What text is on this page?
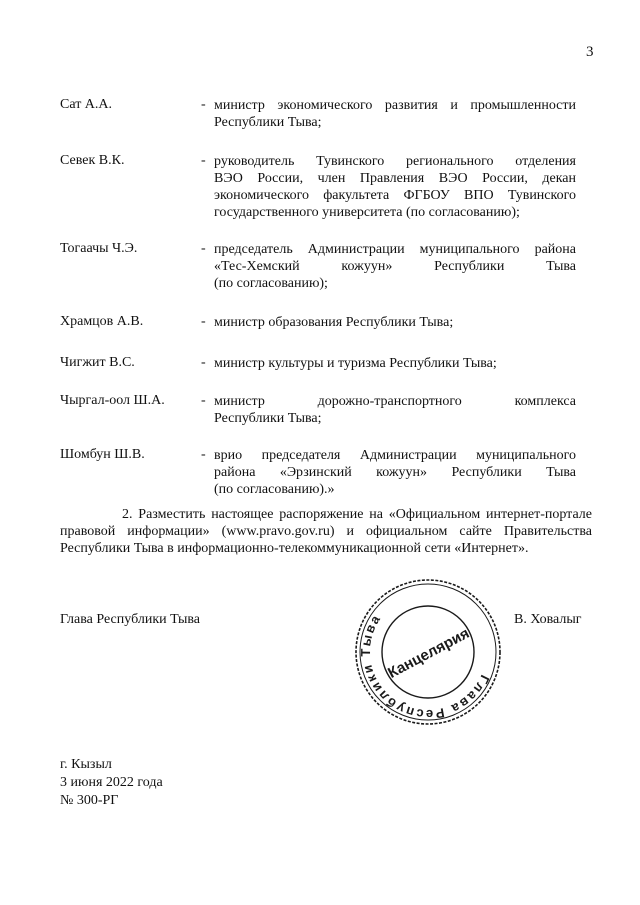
3
Сат А.А.	- министр экономического развития и промышленности
Республики Тыва;
Севек В.К.	- руководитель Тувинского регионального отделения
ВЭО России, член Правления ВЭО России, декан
экономического факультета ФГБОУ ВПО Тувинского
государственного университета (по согласованию);
Тогаачы Ч.Э.	- председатель Администрации муниципального района
«Тес-Хемский кожуун» Республики Тыва
(по согласованию);
Храмцов А.В.	- министр образования Республики Тыва;
Чигжит В.С.	- министр культуры и туризма Республики Тыва;
Чыргал-оол Ш.А.	- министр дорожно-транспортного комплекса
Республики Тыва;
Шомбун Ш.В.	- врио председателя Администрации муниципального
района «Эрзинский кожуун» Республики Тыва
(по согласованию).»
2. Разместить настоящее распоряжение на «Официальном интернет-портале
правовой информации» (www.pravo.gov.ru) и официальном сайте Правительства
Республики Тыва в информационно-телекоммуникационной сети «Интернет».
Глава Республики Тыва	В. Ховалыг
Глава Республики Тыва
Канцелярия
г. Кызыл
3 июня 2022 года
№ 300-РГ
